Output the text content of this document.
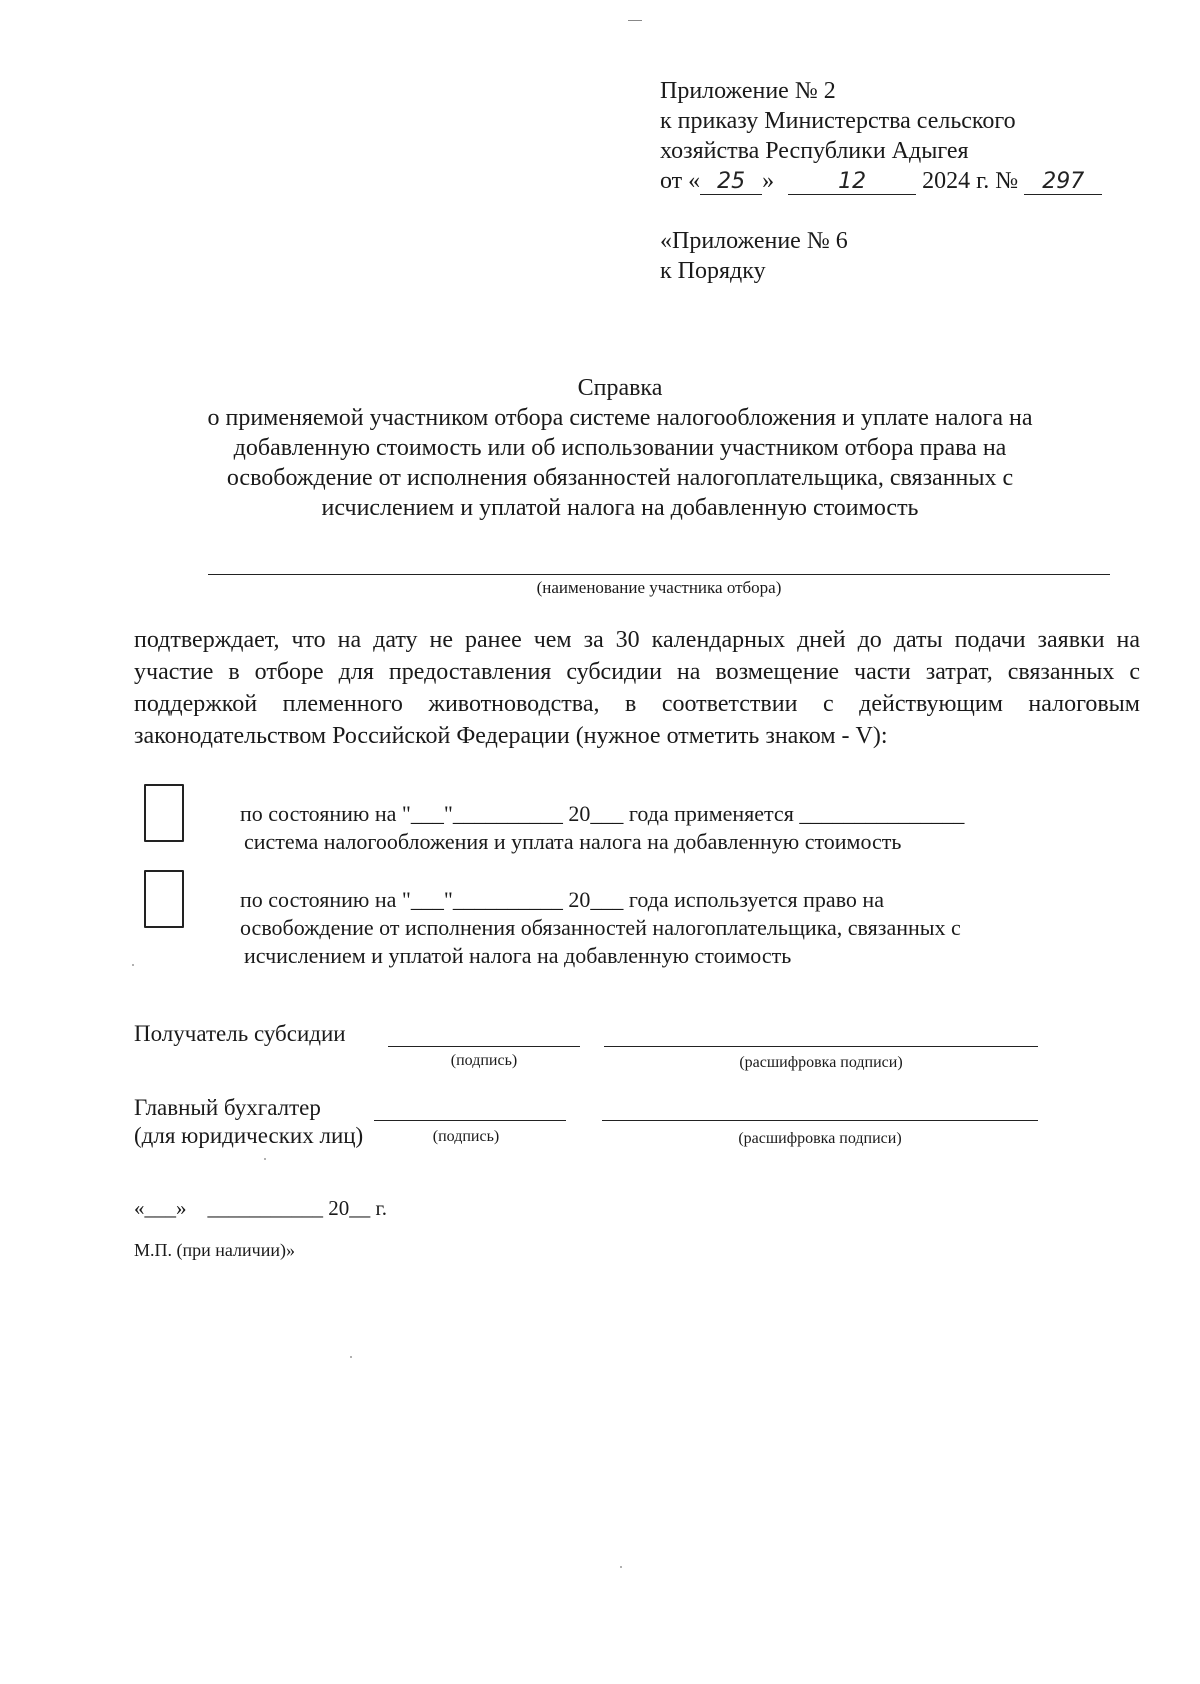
Приложение № 2
к приказу Министерства сельского
хозяйства Республики Адыгея
от « 25 »	12 2024 г. № 297
«Приложение № 6
к Порядку
Справка
о применяемой участником отбора системе налогообложения и уплате налога на
добавленную стоимость или об использовании участником отбора права на
освобождение от исполнения обязанностей налогоплательщика, связанных с
исчислением и уплатой налога на добавленную стоимость
(наименование участника отбора)
подтверждает, что на дату не ранее чем за 30 календарных дней до даты подачи заявки на
участие в отборе для предоставления субсидии на возмещение части затрат, связанных с
поддержкой племенного животноводства, в соответствии с действующим налоговым
законодательством Российской Федерации (нужное отметить знаком - V):
по состоянию на "___"__________ 20___ года применяется _______________
система налогообложения и уплата налога на добавленную стоимость
по состоянию на "___"__________ 20___ года используется право на
освобождение от исполнения обязанностей налогоплательщика, связанных с
исчислением и уплатой налога на добавленную стоимость
Получатель субсидии
(подпись)	(расшифровка подписи)
Главный бухгалтер
(для юридических лиц)	(подпись)	(расшифровка подписи)
«___»    ___________ 20__ г.
М.П. (при наличии)»
